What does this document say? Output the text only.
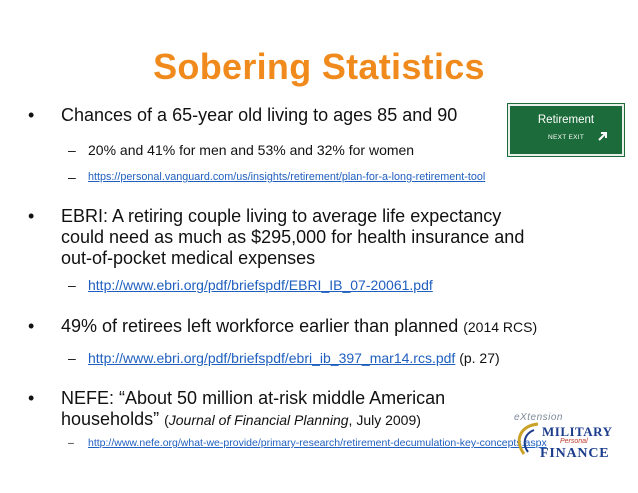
Sobering Statistics
• Chances of a 65-year old living to ages 85 and 90
– 20% and 41% for men and 53% and 32% for women
– https://personal.vanguard.com/us/insights/retirement/plan-for-a-long-retirement-tool
• EBRI: A retiring couple living to average life expectancy
could need as much as $295,000 for health insurance and
out-of-pocket medical expenses
– http://www.ebri.org/pdf/briefspdf/EBRI_IB_07-20061.pdf
• 49% of retirees left workforce earlier than planned (2014 RCS)
– http://www.ebri.org/pdf/briefspdf/ebri_ib_397_mar14.rcs.pdf (p. 27)
• NEFE: “About 50 million at-risk middle American
households” (Journal of Financial Planning, July 2009)
– http://www.nefe.org/what-we-provide/primary-research/retirement-decumulation-key-concepts.aspx
Retirement
NEXT EXIT
eXtension
MILITARY
Personal
FINANCE
